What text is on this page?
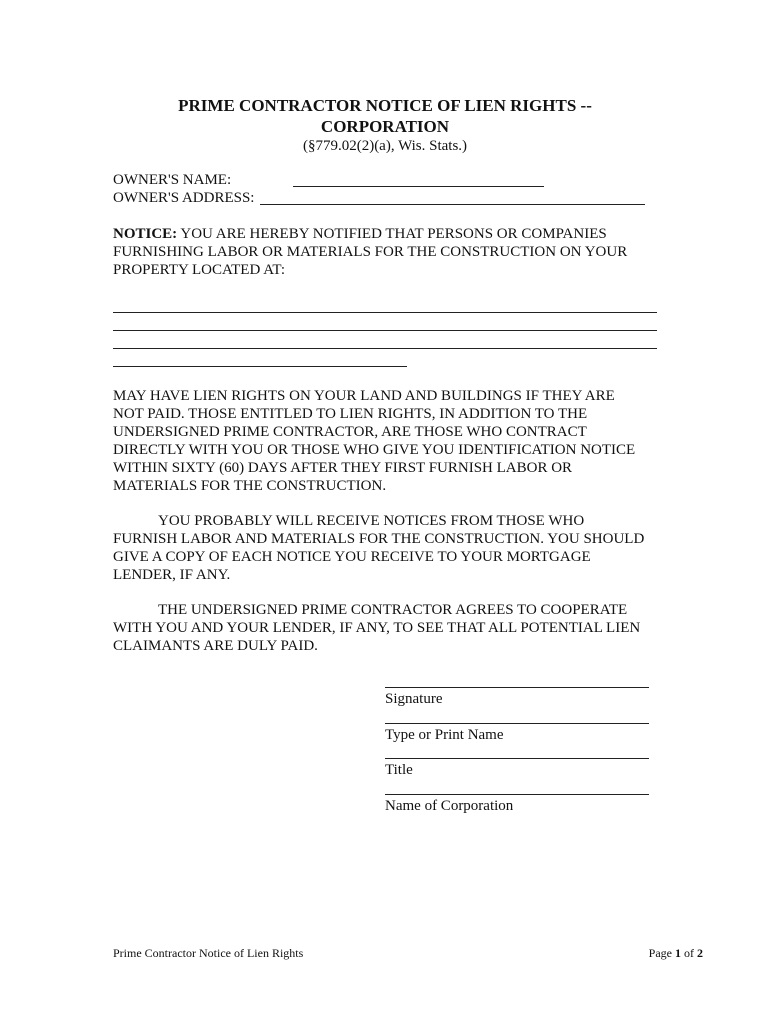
PRIME CONTRACTOR NOTICE OF LIEN RIGHTS --
CORPORATION
(§779.02(2)(a), Wis. Stats.)
OWNER'S NAME:
OWNER'S ADDRESS:
NOTICE: YOU ARE HEREBY NOTIFIED THAT PERSONS OR COMPANIES
FURNISHING LABOR OR MATERIALS FOR THE CONSTRUCTION ON YOUR
PROPERTY LOCATED AT:
MAY HAVE LIEN RIGHTS ON YOUR LAND AND BUILDINGS IF THEY ARE
NOT PAID. THOSE ENTITLED TO LIEN RIGHTS, IN ADDITION TO THE
UNDERSIGNED PRIME CONTRACTOR, ARE THOSE WHO CONTRACT
DIRECTLY WITH YOU OR THOSE WHO GIVE YOU IDENTIFICATION NOTICE
WITHIN SIXTY (60) DAYS AFTER THEY FIRST FURNISH LABOR OR
MATERIALS FOR THE CONSTRUCTION.
YOU PROBABLY WILL RECEIVE NOTICES FROM THOSE WHO
FURNISH LABOR AND MATERIALS FOR THE CONSTRUCTION. YOU SHOULD
GIVE A COPY OF EACH NOTICE YOU RECEIVE TO YOUR MORTGAGE
LENDER, IF ANY.
THE UNDERSIGNED PRIME CONTRACTOR AGREES TO COOPERATE
WITH YOU AND YOUR LENDER, IF ANY, TO SEE THAT ALL POTENTIAL LIEN
CLAIMANTS ARE DULY PAID.
Signature
Type or Print Name
Title
Name of Corporation
Prime Contractor Notice of Lien Rights	Page 1 of 2
